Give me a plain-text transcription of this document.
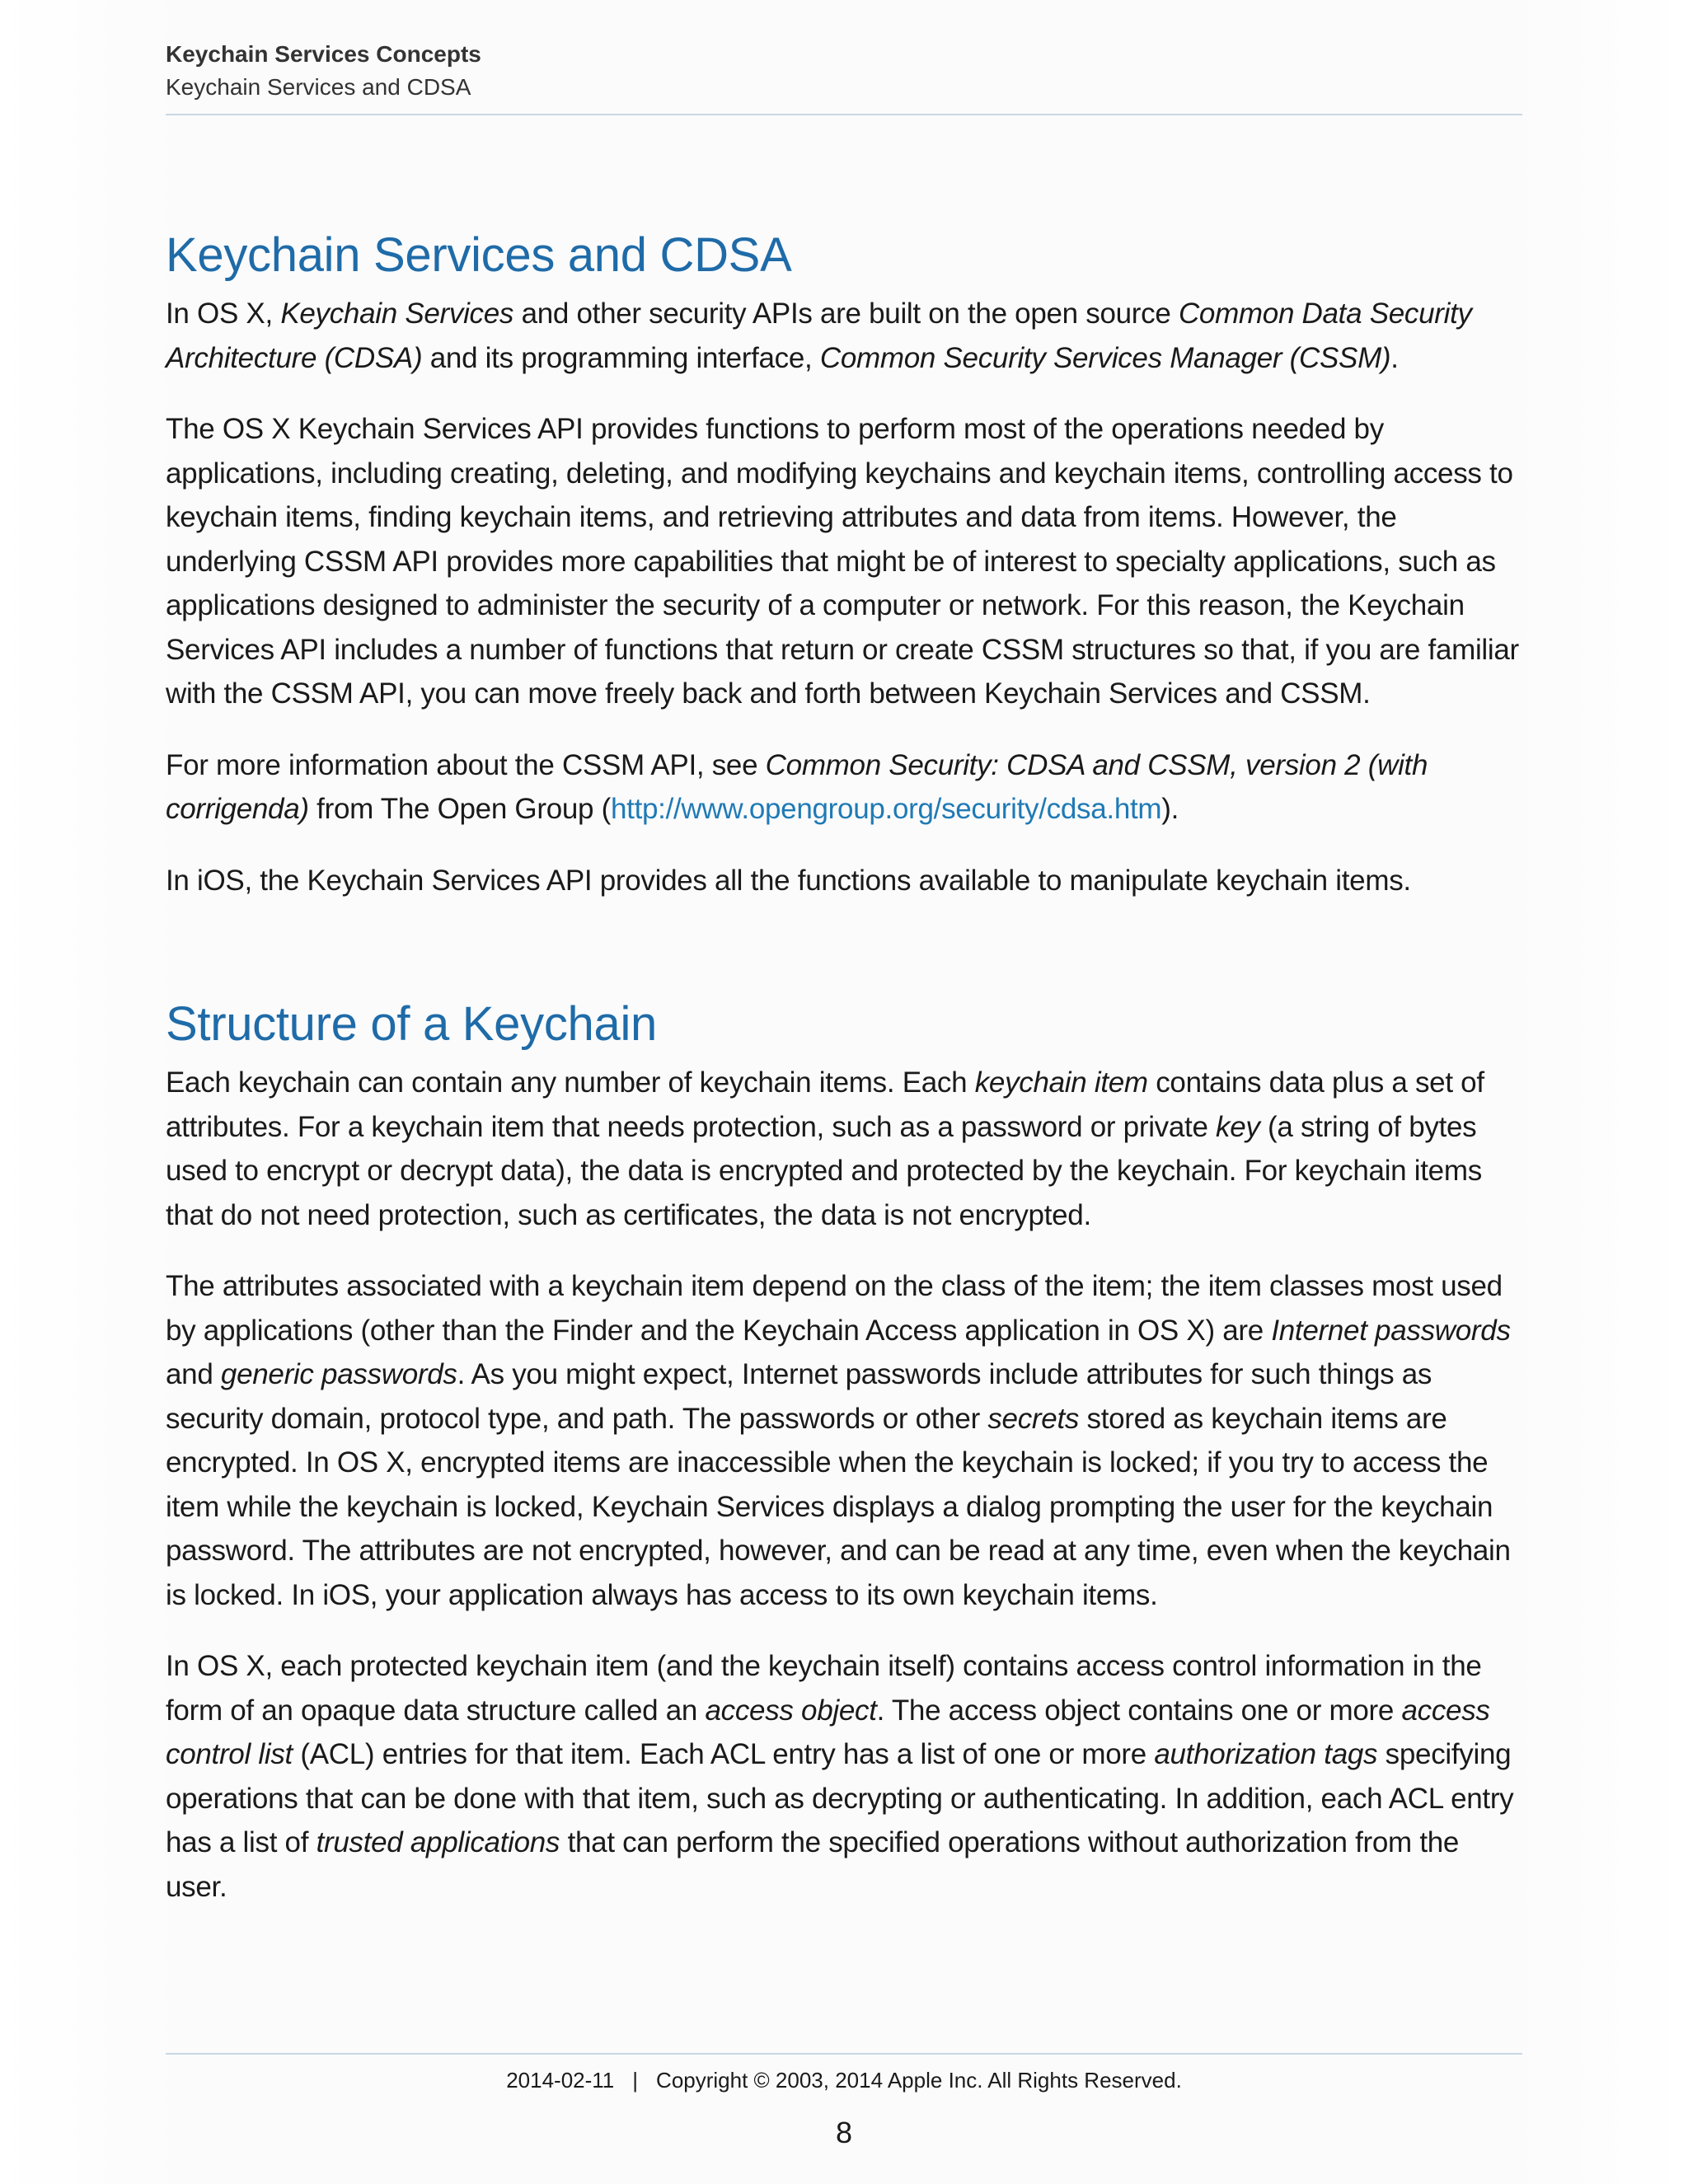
Keychain Services Concepts
Keychain Services and CDSA
Keychain Services and CDSA

In OS X, Keychain Services and other security APIs are built on the open source Common Data Security Architecture (CDSA) and its programming interface, Common Security Services Manager (CSSM).

The OS X Keychain Services API provides functions to perform most of the operations needed by applications, including creating, deleting, and modifying keychains and keychain items, controlling access to keychain items, finding keychain items, and retrieving attributes and data from items. However, the underlying CSSM API provides more capabilities that might be of interest to specialty applications, such as applications designed to administer the security of a computer or network. For this reason, the Keychain Services API includes a number of functions that return or create CSSM structures so that, if you are familiar with the CSSM API, you can move freely back and forth between Keychain Services and CSSM.

For more information about the CSSM API, see Common Security: CDSA and CSSM, version 2 (with corrigenda) from The Open Group (http://www.opengroup.org/security/cdsa.htm).

In iOS, the Keychain Services API provides all the functions available to manipulate keychain items.

Structure of a Keychain

Each keychain can contain any number of keychain items. Each keychain item contains data plus a set of attributes. For a keychain item that needs protection, such as a password or private key (a string of bytes used to encrypt or decrypt data), the data is encrypted and protected by the keychain. For keychain items that do not need protection, such as certificates, the data is not encrypted.

The attributes associated with a keychain item depend on the class of the item; the item classes most used by applications (other than the Finder and the Keychain Access application in OS X) are Internet passwords and generic passwords. As you might expect, Internet passwords include attributes for such things as security domain, protocol type, and path. The passwords or other secrets stored as keychain items are encrypted. In OS X, encrypted items are inaccessible when the keychain is locked; if you try to access the item while the keychain is locked, Keychain Services displays a dialog prompting the user for the keychain password. The attributes are not encrypted, however, and can be read at any time, even when the keychain is locked. In iOS, your application always has access to its own keychain items.

In OS X, each protected keychain item (and the keychain itself) contains access control information in the form of an opaque data structure called an access object. The access object contains one or more access control list (ACL) entries for that item. Each ACL entry has a list of one or more authorization tags specifying operations that can be done with that item, such as decrypting or authenticating. In addition, each ACL entry has a list of trusted applications that can perform the specified operations without authorization from the user.

2014-02-11 | Copyright © 2003, 2014 Apple Inc. All Rights Reserved.
8
